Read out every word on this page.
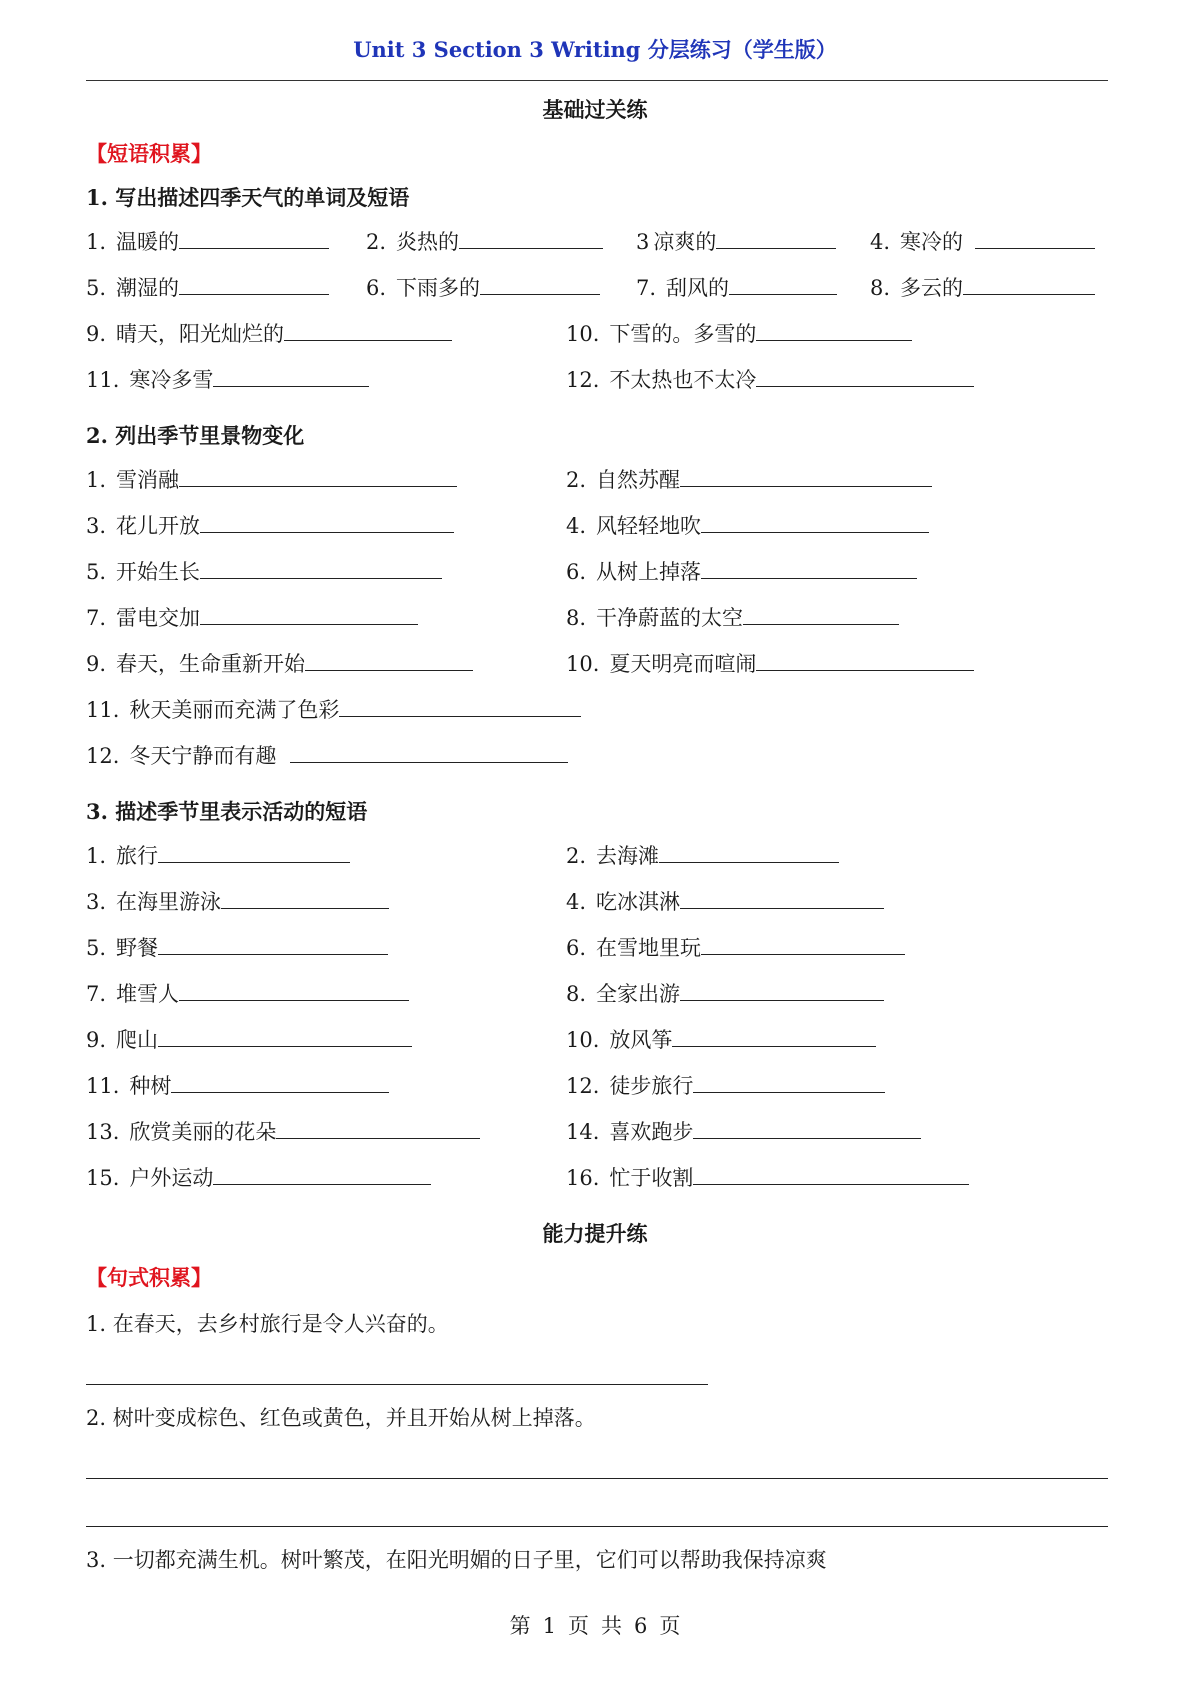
Unit 3 Section 3 Writing 分层练习（学生版）
基础过关练
【短语积累】
1. 写出描述四季天气的单词及短语
1. 温暖的	2. 炎热的	3 凉爽的	4. 寒冷的
5. 潮湿的	6. 下雨多的	7. 刮风的	8. 多云的
9. 晴天，阳光灿烂的	10. 下雪的。多雪的
11. 寒冷多雪	12. 不太热也不太冷
2. 列出季节里景物变化
1. 雪消融	2. 自然苏醒
3. 花儿开放	4. 风轻轻地吹
5. 开始生长	6. 从树上掉落
7. 雷电交加	8. 干净蔚蓝的太空
9. 春天，生命重新开始	10. 夏天明亮而喧闹
11. 秋天美丽而充满了色彩
12. 冬天宁静而有趣
3. 描述季节里表示活动的短语
1. 旅行	2. 去海滩
3. 在海里游泳	4. 吃冰淇淋
5. 野餐	6. 在雪地里玩
7. 堆雪人	8. 全家出游
9. 爬山	10. 放风筝
11. 种树	12. 徒步旅行
13. 欣赏美丽的花朵	14. 喜欢跑步
15. 户外运动	16. 忙于收割
能力提升练
【句式积累】
1. 在春天，去乡村旅行是令人兴奋的。
2. 树叶变成棕色、红色或黄色，并且开始从树上掉落。
3. 一切都充满生机。树叶繁茂，在阳光明媚的日子里，它们可以帮助我保持凉爽
第 1 页 共 6 页
